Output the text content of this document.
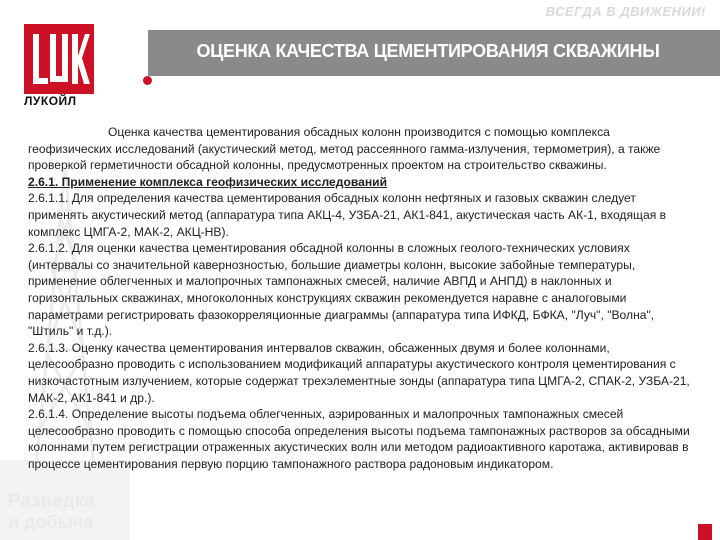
ВСЕГДА В ДВИЖЕНИИ!
ЛУКОЙЛ
ОЦЕНКА КАЧЕСТВА ЦЕМЕНТИРОВАНИЯ СКВАЖИНЫ
Разведка
и добыча

Оценка качества цементирования обсадных колонн производится с помощью комплекса геофизических исследований (акустический метод, метод рассеянного гамма-излучения, термометрия), а также проверкой герметичности обсадной колонны, предусмотренных проектом на строительство скважины.

2.6.1. Применение комплекса геофизических исследований

2.6.1.1. Для определения качества цементирования обсадных колонн нефтяных и газовых скважин следует применять акустический метод (аппаратура типа АКЦ-4, УЗБА-21, АК1-841, акустическая часть АК-1, входящая в комплекс ЦМГА-2, МАК-2, АКЦ-НВ).

2.6.1.2. Для оценки качества цементирования обсадной колонны в сложных геолого-технических условиях (интервалы со значительной кавернозностью, большие диаметры колонн, высокие забойные температуры, применение облегченных и малопрочных тампонажных смесей, наличие АВПД и АНПД) в наклонных и горизонтальных скважинах, многоколонных конструкциях скважин рекомендуется наравне с аналоговыми параметрами регистрировать фазокорреляционные диаграммы (аппаратура типа ИФКД, БФКА, "Луч", "Волна", "Штиль" и т.д.).

2.6.1.3. Оценку качества цементирования интервалов скважин, обсаженных двумя и более колоннами, целесообразно проводить с использованием модификаций аппаратуры акустического контроля цементирования с низкочастотным излучением, которые содержат трехэлементные зонды (аппаратура типа ЦМГА-2, СПАК-2, УЗБА-21, МАК-2, АК1-841 и др.).

2.6.1.4. Определение высоты подъема облегченных, аэрированных и малопрочных тампонажных смесей целесообразно проводить с помощью способа определения высоты подъема тампонажных растворов за обсадными колоннами путем регистрации отраженных акустических волн или методом радиоактивного каротажа, активировав в процессе цементирования первую порцию тампонажного раствора радоновым индикатором.
